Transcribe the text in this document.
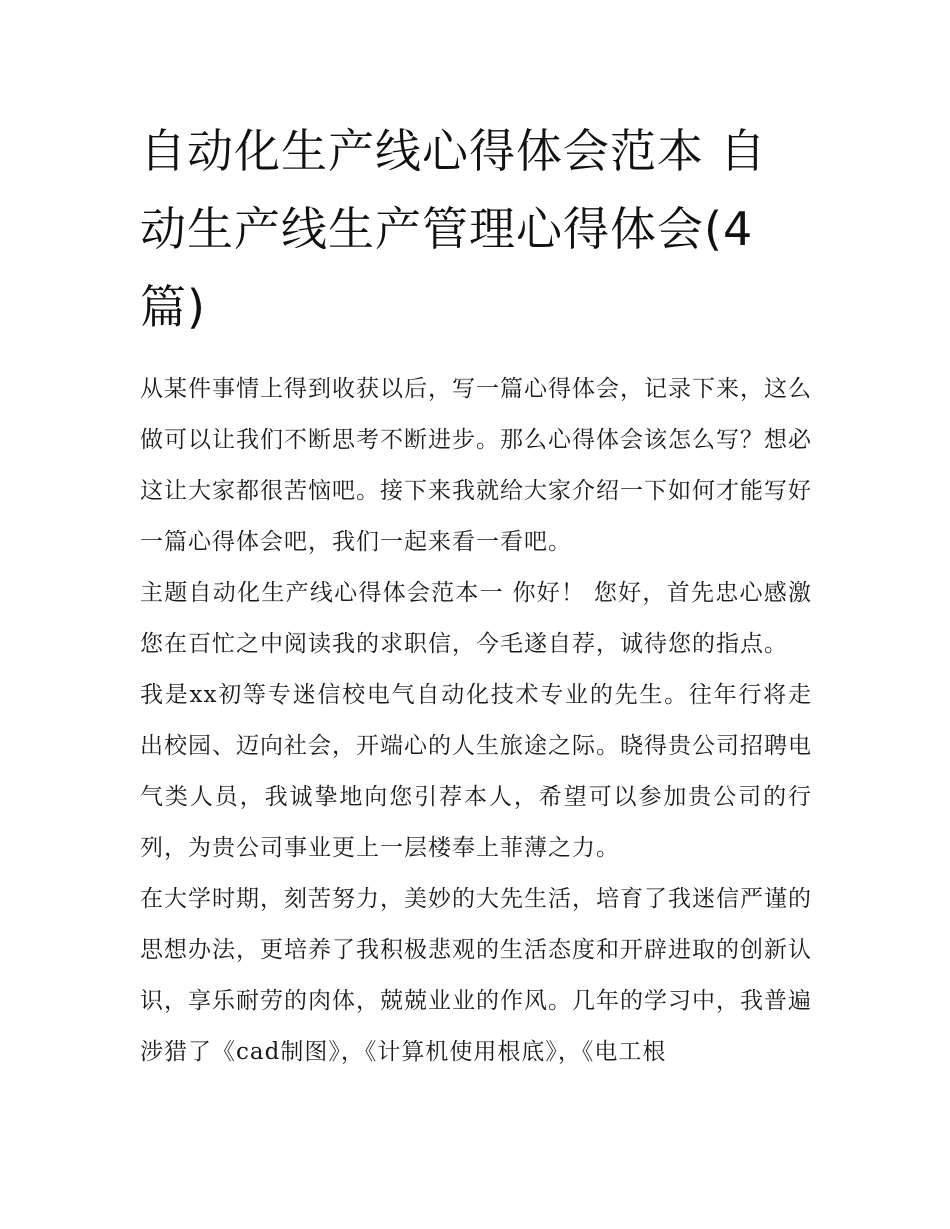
自动化生产线心得体会范本 自动生产线生产管理心得体会(4篇)

从某件事情上得到收获以后，写一篇心得体会，记录下来，这么做可以让我们不断思考不断进步。那么心得体会该怎么写？想必这让大家都很苦恼吧。接下来我就给大家介绍一下如何才能写好一篇心得体会吧，我们一起来看一看吧。

主题自动化生产线心得体会范本一 你好！ 您好，首先忠心感激您在百忙之中阅读我的求职信，今毛遂自荐，诚待您的指点。

我是xx初等专迷信校电气自动化技术专业的先生。往年行将走出校园、迈向社会，开端心的人生旅途之际。晓得贵公司招聘电气类人员，我诚挚地向您引荐本人，希望可以参加贵公司的行列，为贵公司事业更上一层楼奉上菲薄之力。

在大学时期，刻苦努力，美妙的大先生活，培育了我迷信严谨的思想办法，更培养了我积极悲观的生活态度和开辟进取的创新认识，享乐耐劳的肉体，兢兢业业的作风。几年的学习中，我普遍涉猎了《cad制图》，《计算机使用根底》，《电工根
